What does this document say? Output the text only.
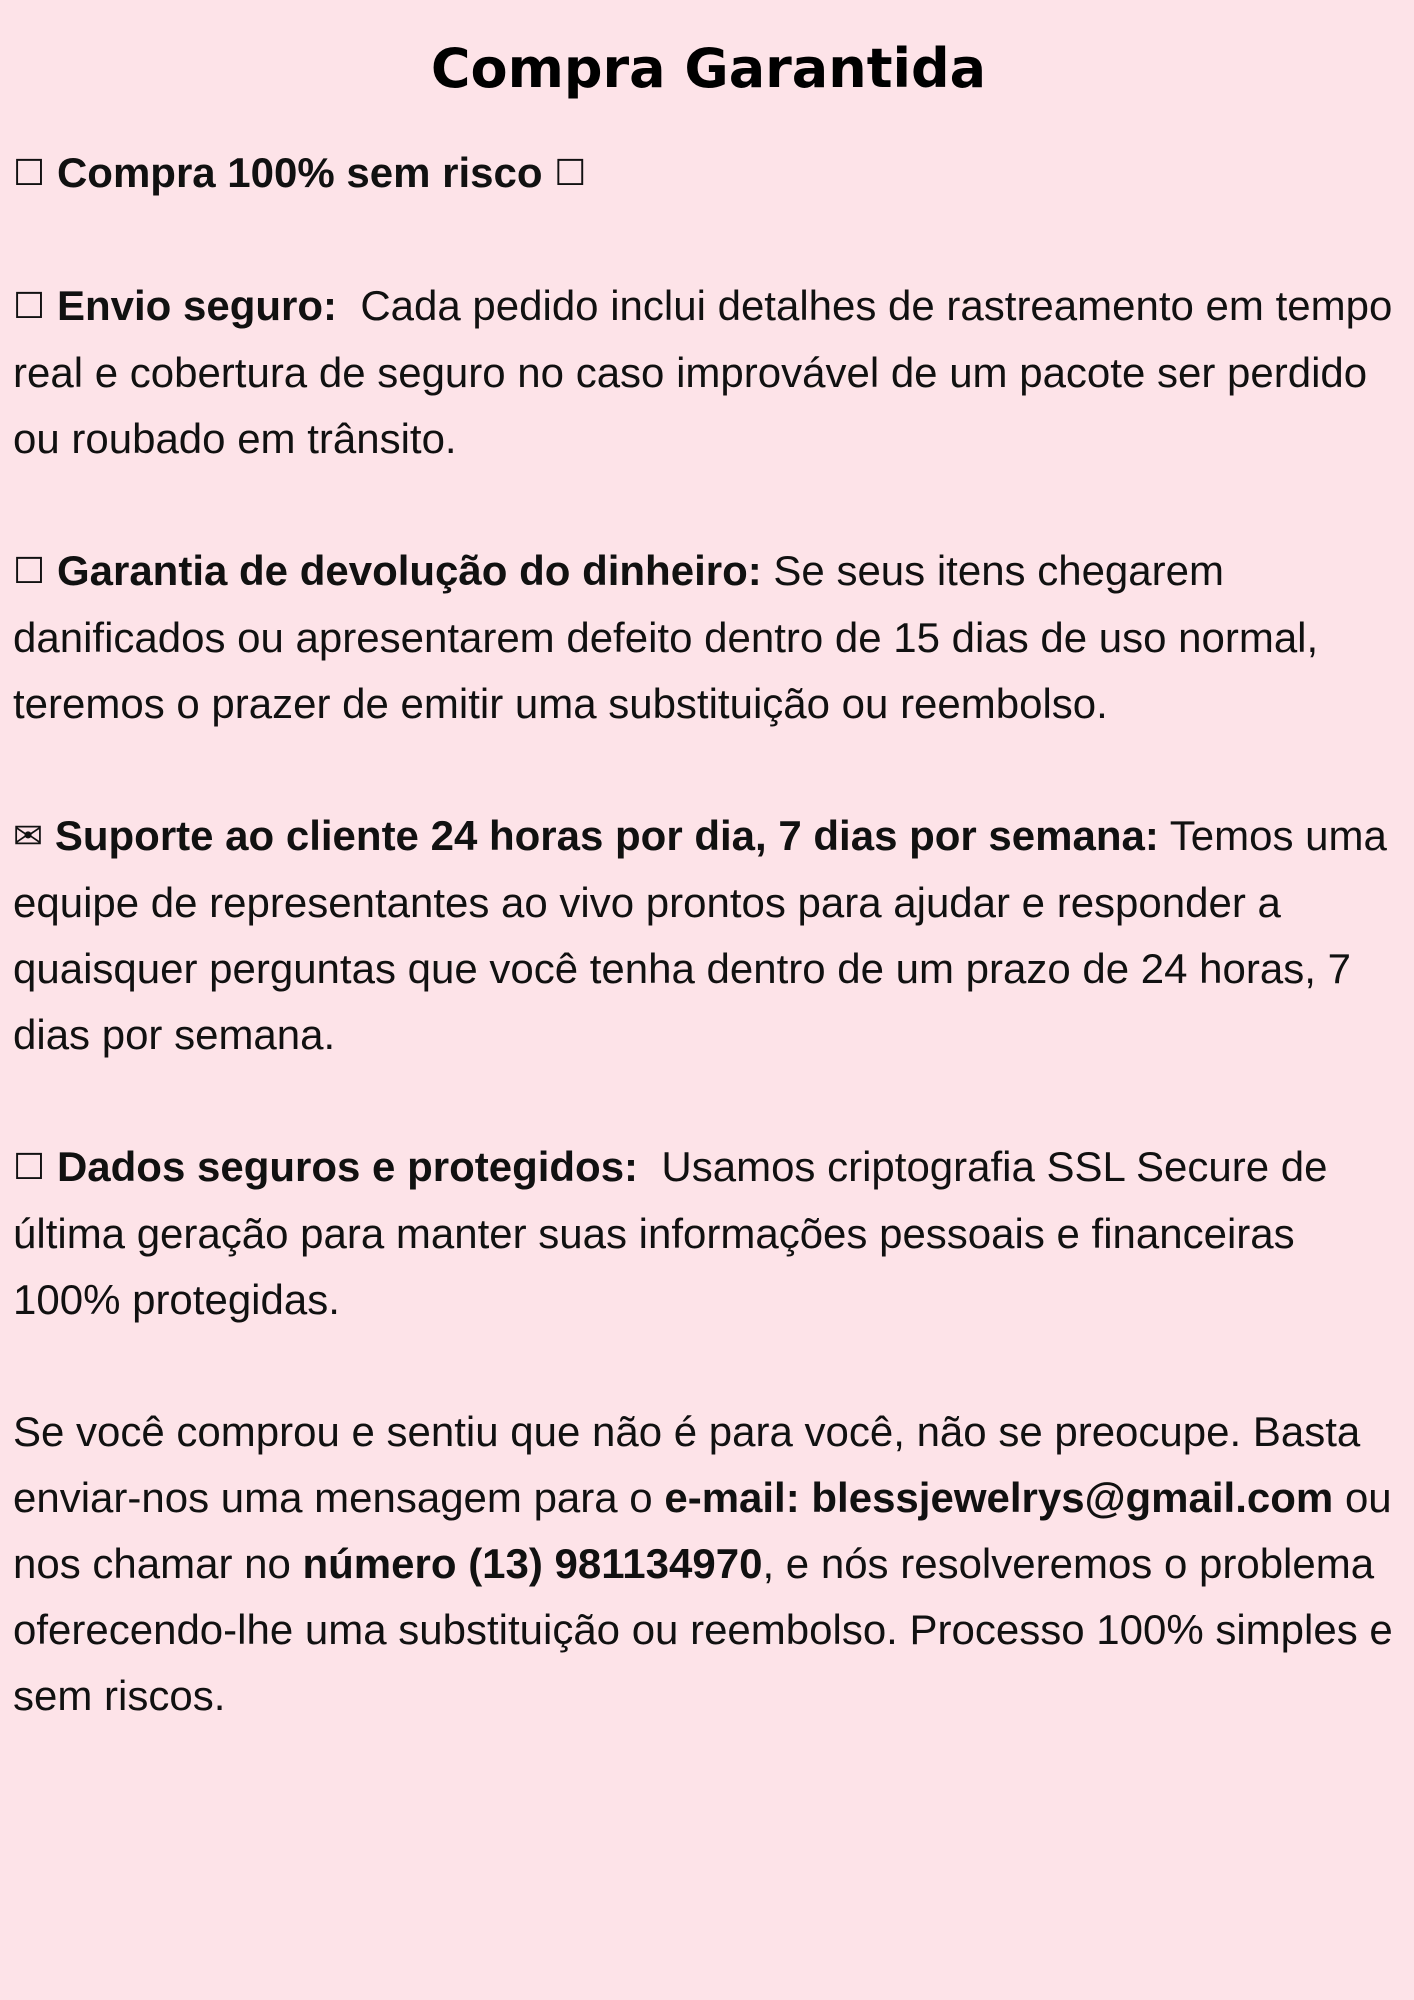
Compra Garantida

☐ Compra 100% sem risco ☐

☐ Envio seguro: Cada pedido inclui detalhes de rastreamento em tempo real e cobertura de seguro no caso improvável de um pacote ser perdido ou roubado em trânsito.

☐ Garantia de devolução do dinheiro: Se seus itens chegarem danificados ou apresentarem defeito dentro de 15 dias de uso normal, teremos o prazer de emitir uma substituição ou reembolso.

✉ Suporte ao cliente 24 horas por dia, 7 dias por semana: Temos uma equipe de representantes ao vivo prontos para ajudar e responder a quaisquer perguntas que você tenha dentro de um prazo de 24 horas, 7 dias por semana.

☐ Dados seguros e protegidos: Usamos criptografia SSL Secure de última geração para manter suas informações pessoais e financeiras 100% protegidas.

Se você comprou e sentiu que não é para você, não se preocupe. Basta enviar-nos uma mensagem para o e-mail: blessjewelrys@gmail.com ou nos chamar no número (13) 981134970, e nós resolveremos o problema oferecendo-lhe uma substituição ou reembolso. Processo 100% simples e sem riscos.
